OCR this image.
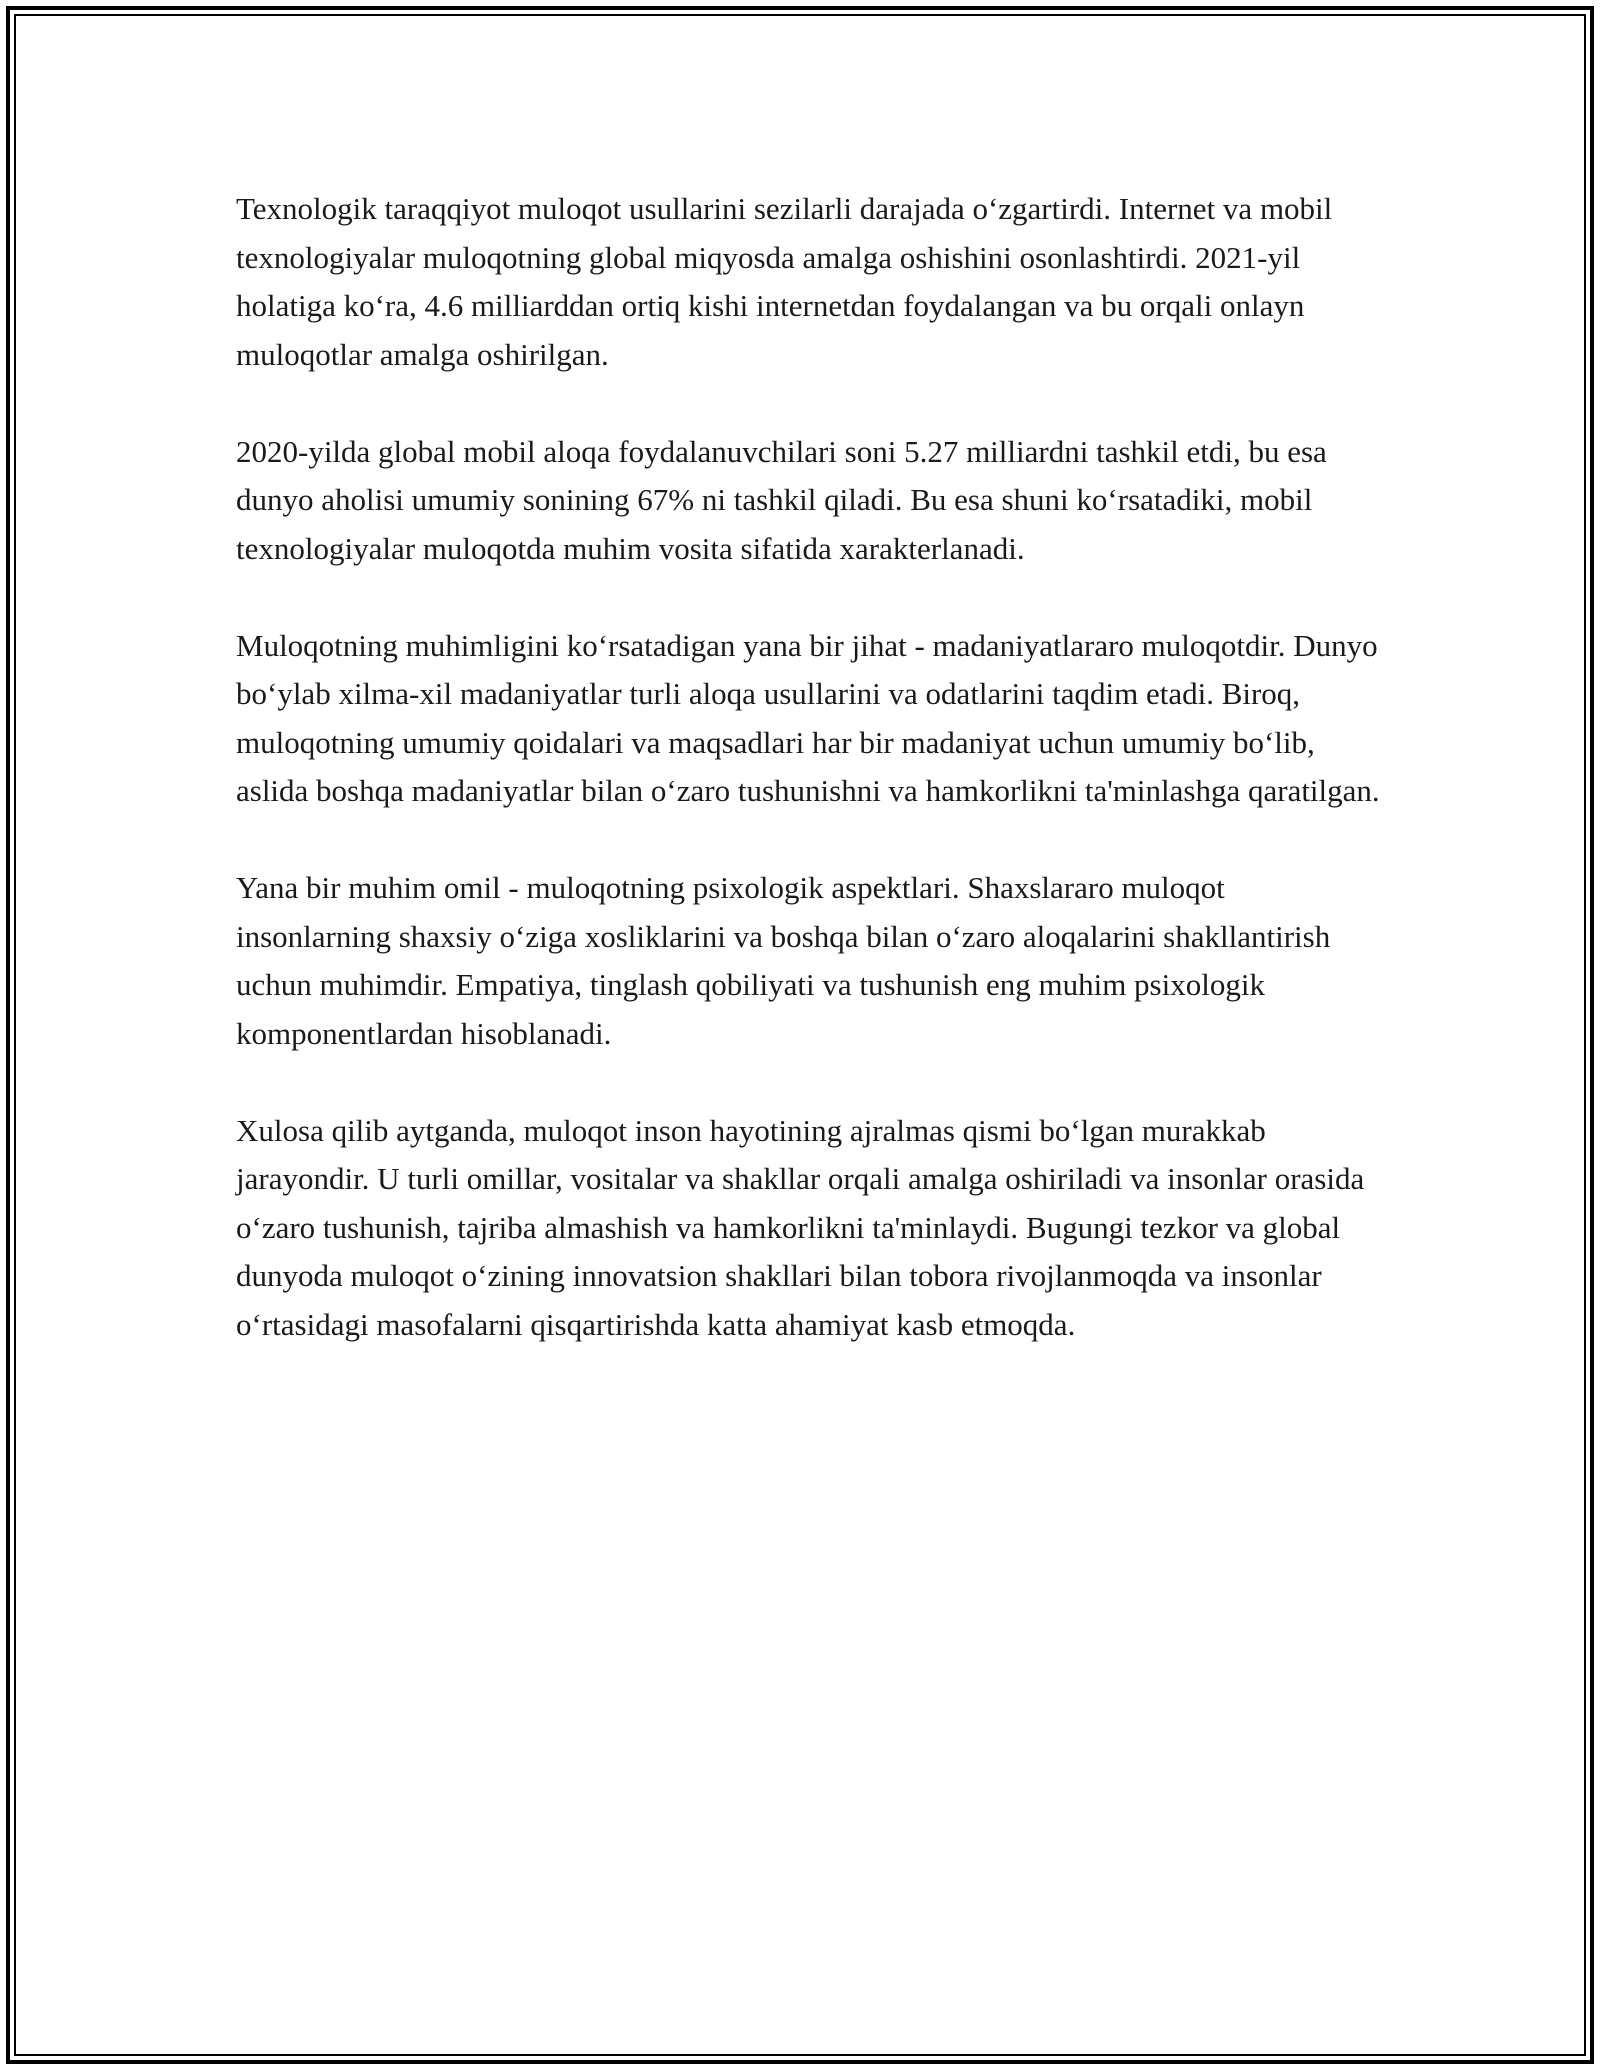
Texnologik taraqqiyot muloqot usullarini sezilarli darajada o‘zgartirdi. Internet va mobil texnologiyalar muloqotning global miqyosda amalga oshishini osonlashtirdi. 2021-yil holatiga ko‘ra, 4.6 milliarddan ortiq kishi internetdan foydalangan va bu orqali onlayn muloqotlar amalga oshirilgan.

2020-yilda global mobil aloqa foydalanuvchilari soni 5.27 milliardni tashkil etdi, bu esa dunyo aholisi umumiy sonining 67% ni tashkil qiladi. Bu esa shuni ko‘rsatadiki, mobil texnologiyalar muloqotda muhim vosita sifatida xarakterlanadi.

Muloqotning muhimligini ko‘rsatadigan yana bir jihat - madaniyatlararo muloqotdir. Dunyo bo‘ylab xilma-xil madaniyatlar turli aloqa usullarini va odatlarini taqdim etadi. Biroq, muloqotning umumiy qoidalari va maqsadlari har bir madaniyat uchun umumiy bo‘lib, aslida boshqa madaniyatlar bilan o‘zaro tushunishni va hamkorlikni ta'minlashga qaratilgan.

Yana bir muhim omil - muloqotning psixologik aspektlari. Shaxslararo muloqot insonlarning shaxsiy o‘ziga xosliklarini va boshqa bilan o‘zaro aloqalarini shakllantirish uchun muhimdir. Empatiya, tinglash qobiliyati va tushunish eng muhim psixologik komponentlardan hisoblanadi.

Xulosa qilib aytganda, muloqot inson hayotining ajralmas qismi bo‘lgan murakkab jarayondir. U turli omillar, vositalar va shakllar orqali amalga oshiriladi va insonlar orasida o‘zaro tushunish, tajriba almashish va hamkorlikni ta'minlaydi. Bugungi tezkor va global dunyoda muloqot o‘zining innovatsion shakllari bilan tobora rivojlanmoqda va insonlar o‘rtasidagi masofalarni qisqartirishda katta ahamiyat kasb etmoqda.
